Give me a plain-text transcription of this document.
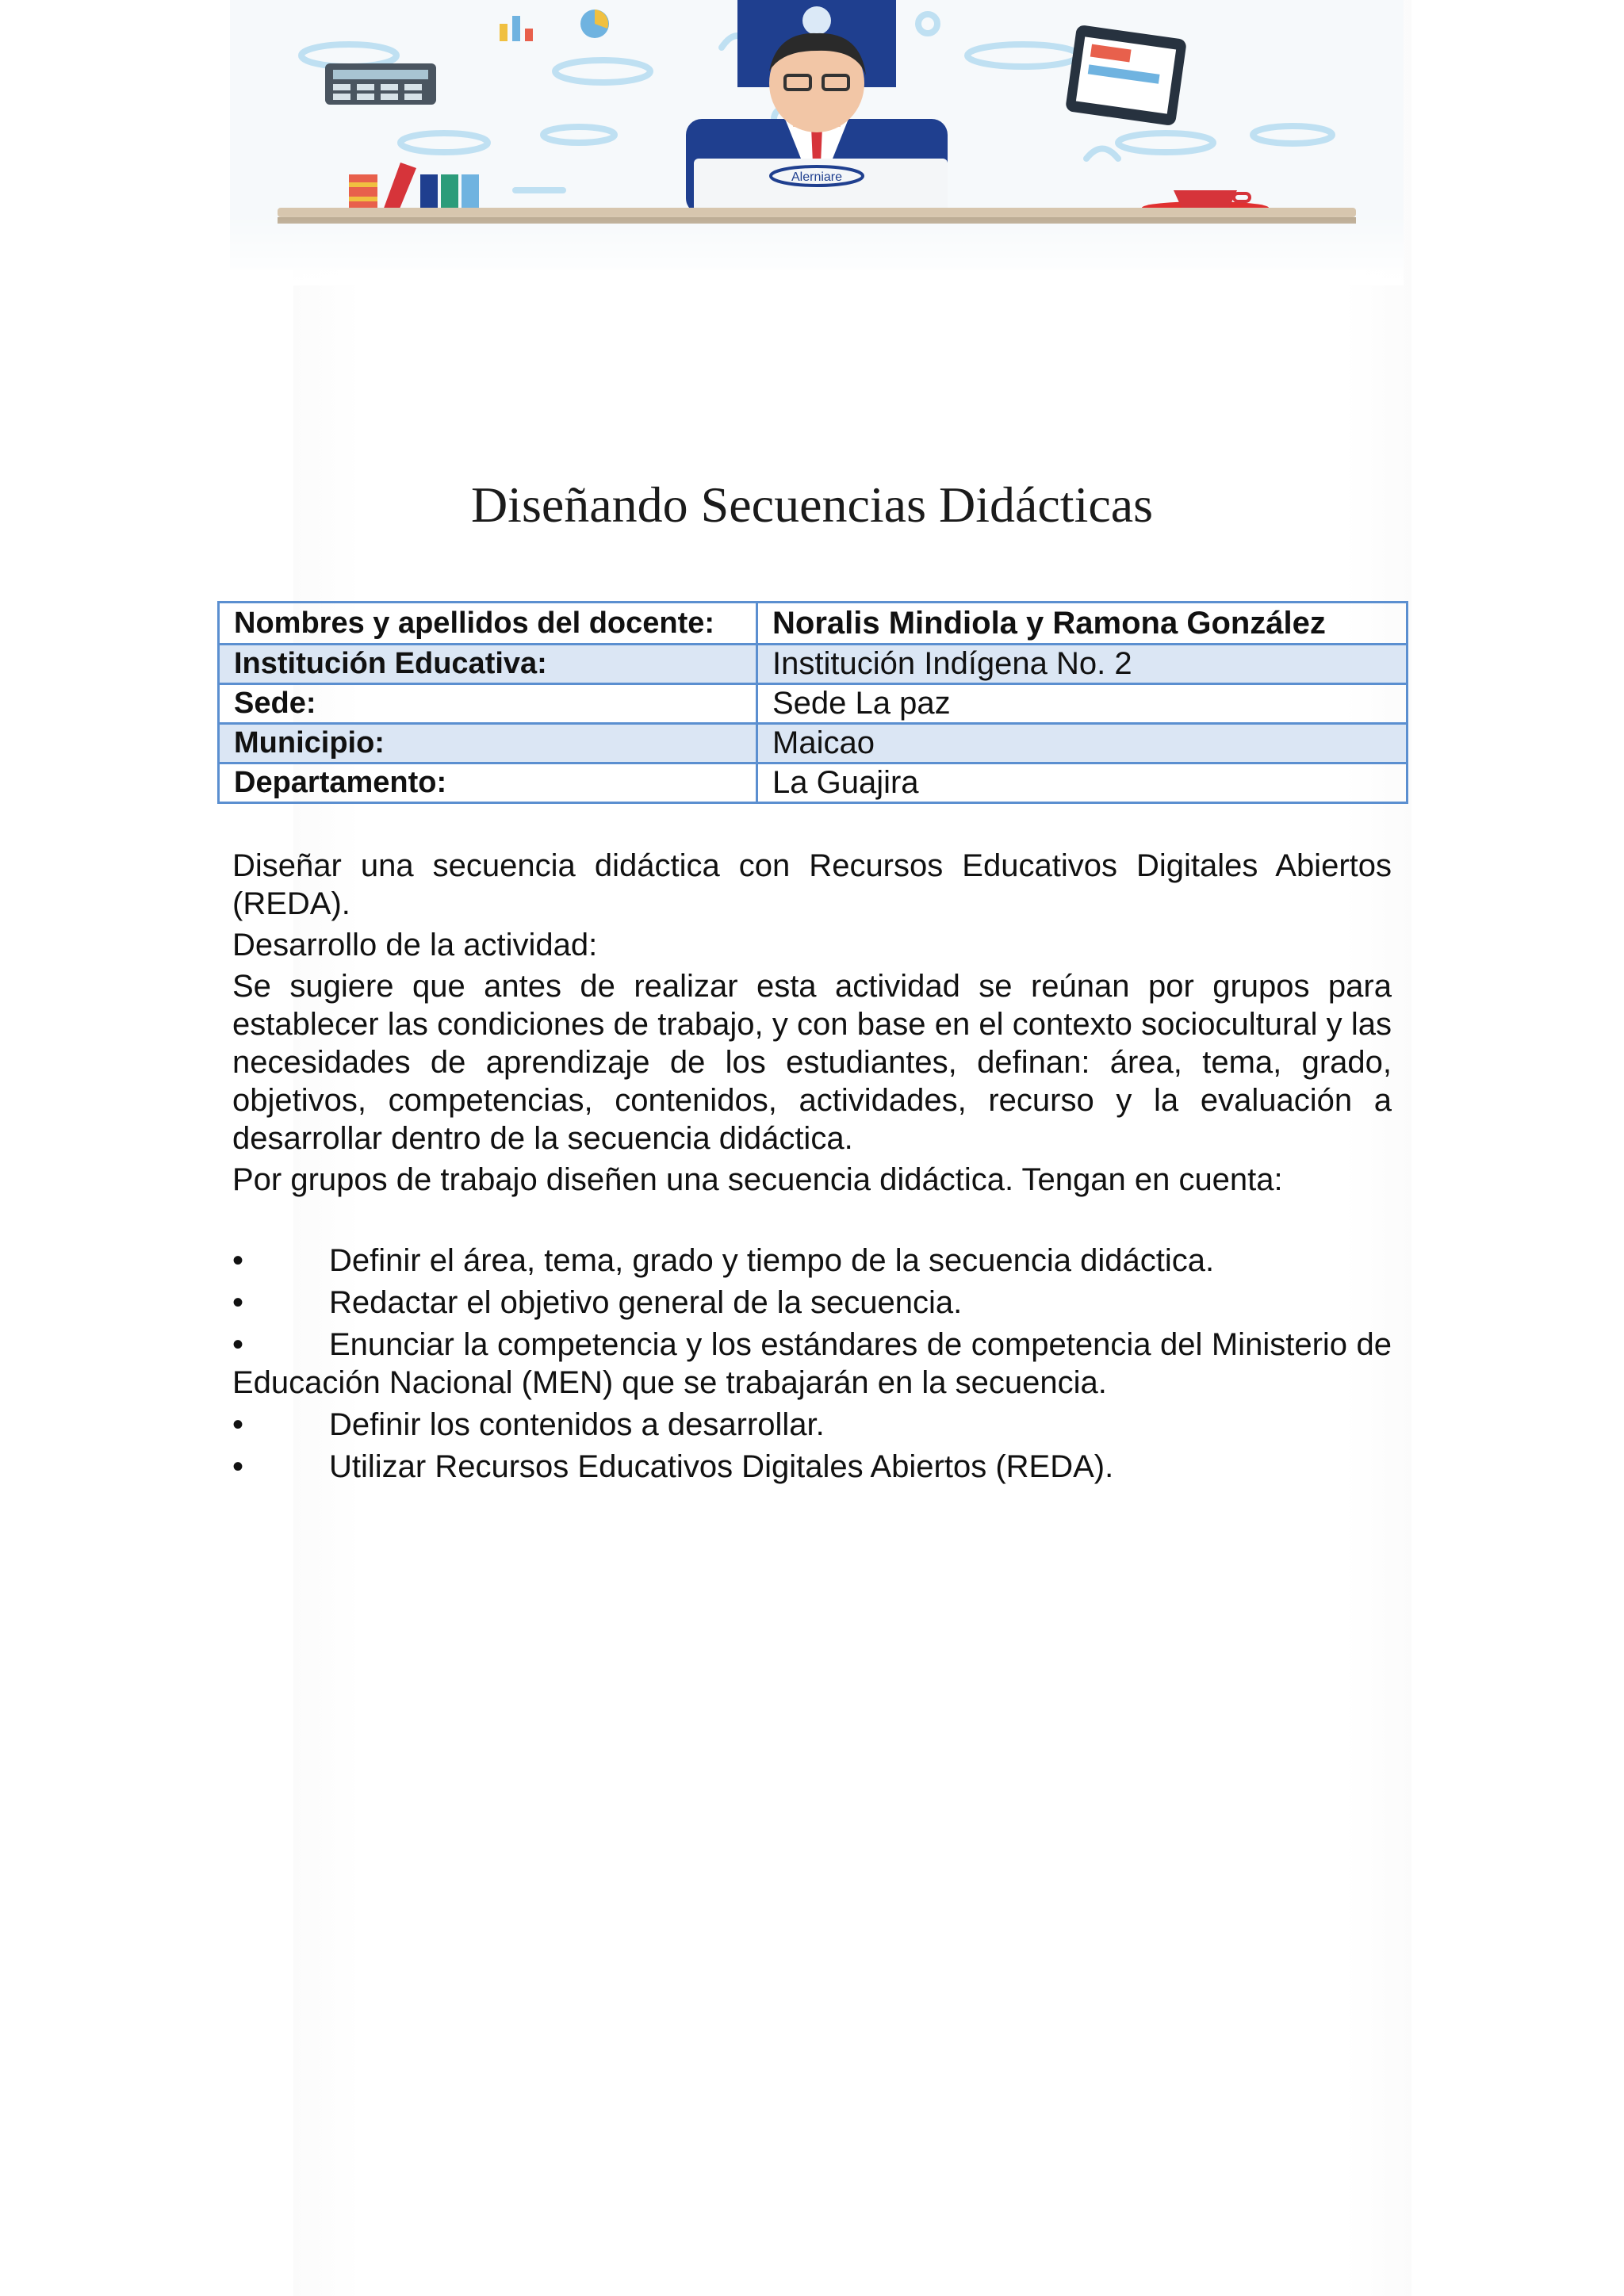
Alerniare
Diseñando Secuencias Didácticas
Nombres y apellidos del docente:	Noralis Mindiola y Ramona González
Institución Educativa:	Institución Indígena No. 2
Sede:	Sede La paz
Municipio:	Maicao
Departamento:	La Guajira

Diseñar una secuencia didáctica con Recursos Educativos Digitales Abiertos (REDA).

Desarrollo de la actividad:

Se sugiere que antes de realizar esta actividad se reúnan por grupos para establecer las condiciones de trabajo, y con base en el contexto sociocultural y las necesidades de aprendizaje de los estudiantes, definan: área, tema, grado, objetivos, competencias, contenidos, actividades, recurso y la evaluación a desarrollar dentro de la secuencia didáctica.

Por grupos de trabajo diseñen una secuencia didáctica. Tengan en cuenta:

•	Definir el área, tema, grado y tiempo de la secuencia didáctica.

•	Redactar el objetivo general de la secuencia.

•	Enunciar la competencia y los estándares de competencia del Ministerio de Educación Nacional (MEN) que se trabajarán en la secuencia.

•	Definir los contenidos a desarrollar.

•	Utilizar Recursos Educativos Digitales Abiertos (REDA).
